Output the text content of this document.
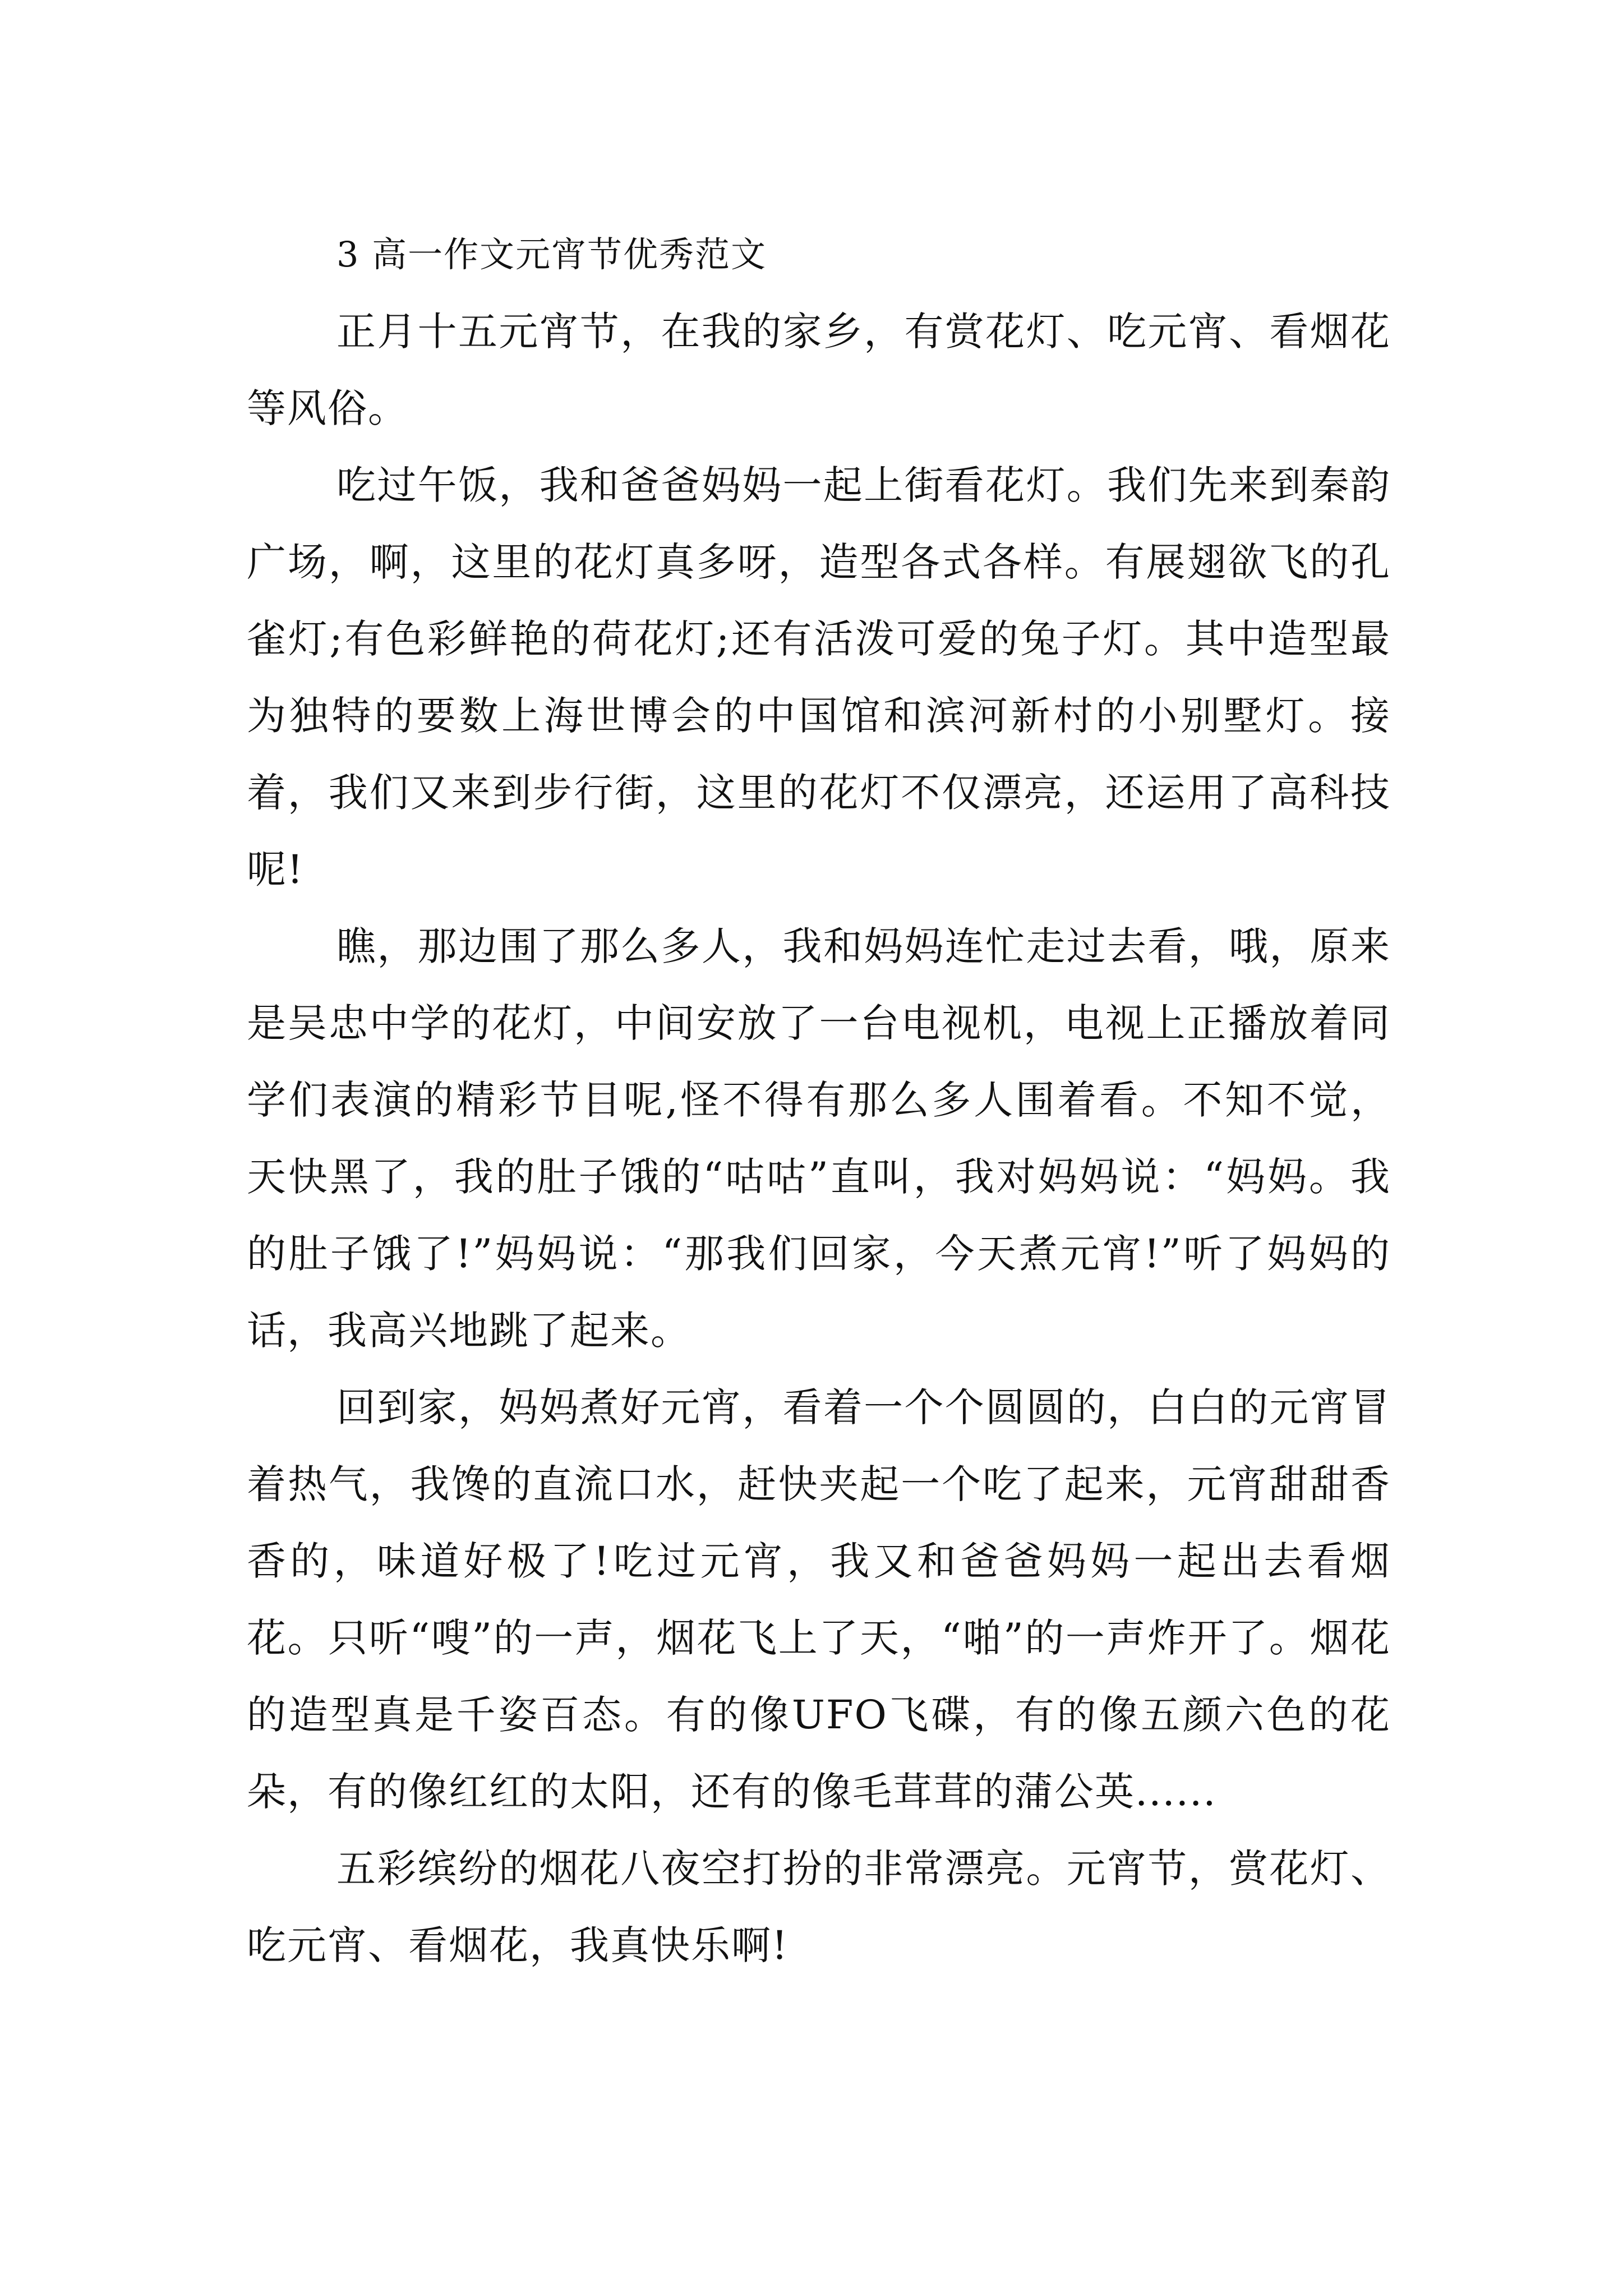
3 高一作文元宵节优秀范文

正月十五元宵节，在我的家乡，有赏花灯、吃元宵、看烟花等风俗。

吃过午饭，我和爸爸妈妈一起上街看花灯。我们先来到秦韵广场，啊，这里的花灯真多呀，造型各式各样。有展翅欲飞的孔雀灯;有色彩鲜艳的荷花灯;还有活泼可爱的兔子灯。其中造型最为独特的要数上海世博会的中国馆和滨河新村的小别墅灯。接着，我们又来到步行街，这里的花灯不仅漂亮，还运用了高科技呢!

瞧，那边围了那么多人，我和妈妈连忙走过去看，哦，原来是吴忠中学的花灯，中间安放了一台电视机，电视上正播放着同学们表演的精彩节目呢,怪不得有那么多人围着看。不知不觉，天快黑了，我的肚子饿的“咕咕”直叫，我对妈妈说：“妈妈。我的肚子饿了!”妈妈说：“那我们回家，今天煮元宵!”听了妈妈的话，我高兴地跳了起来。

回到家，妈妈煮好元宵，看着一个个圆圆的，白白的元宵冒着热气，我馋的直流口水，赶快夹起一个吃了起来，元宵甜甜香香的，味道好极了!吃过元宵，我又和爸爸妈妈一起出去看烟花。只听“嗖”的一声，烟花飞上了天，“啪”的一声炸开了。烟花的造型真是千姿百态。有的像UFO飞碟，有的像五颜六色的花朵，有的像红红的太阳，还有的像毛茸茸的蒲公英......

五彩缤纷的烟花八夜空打扮的非常漂亮。元宵节，赏花灯、吃元宵、看烟花，我真快乐啊!
